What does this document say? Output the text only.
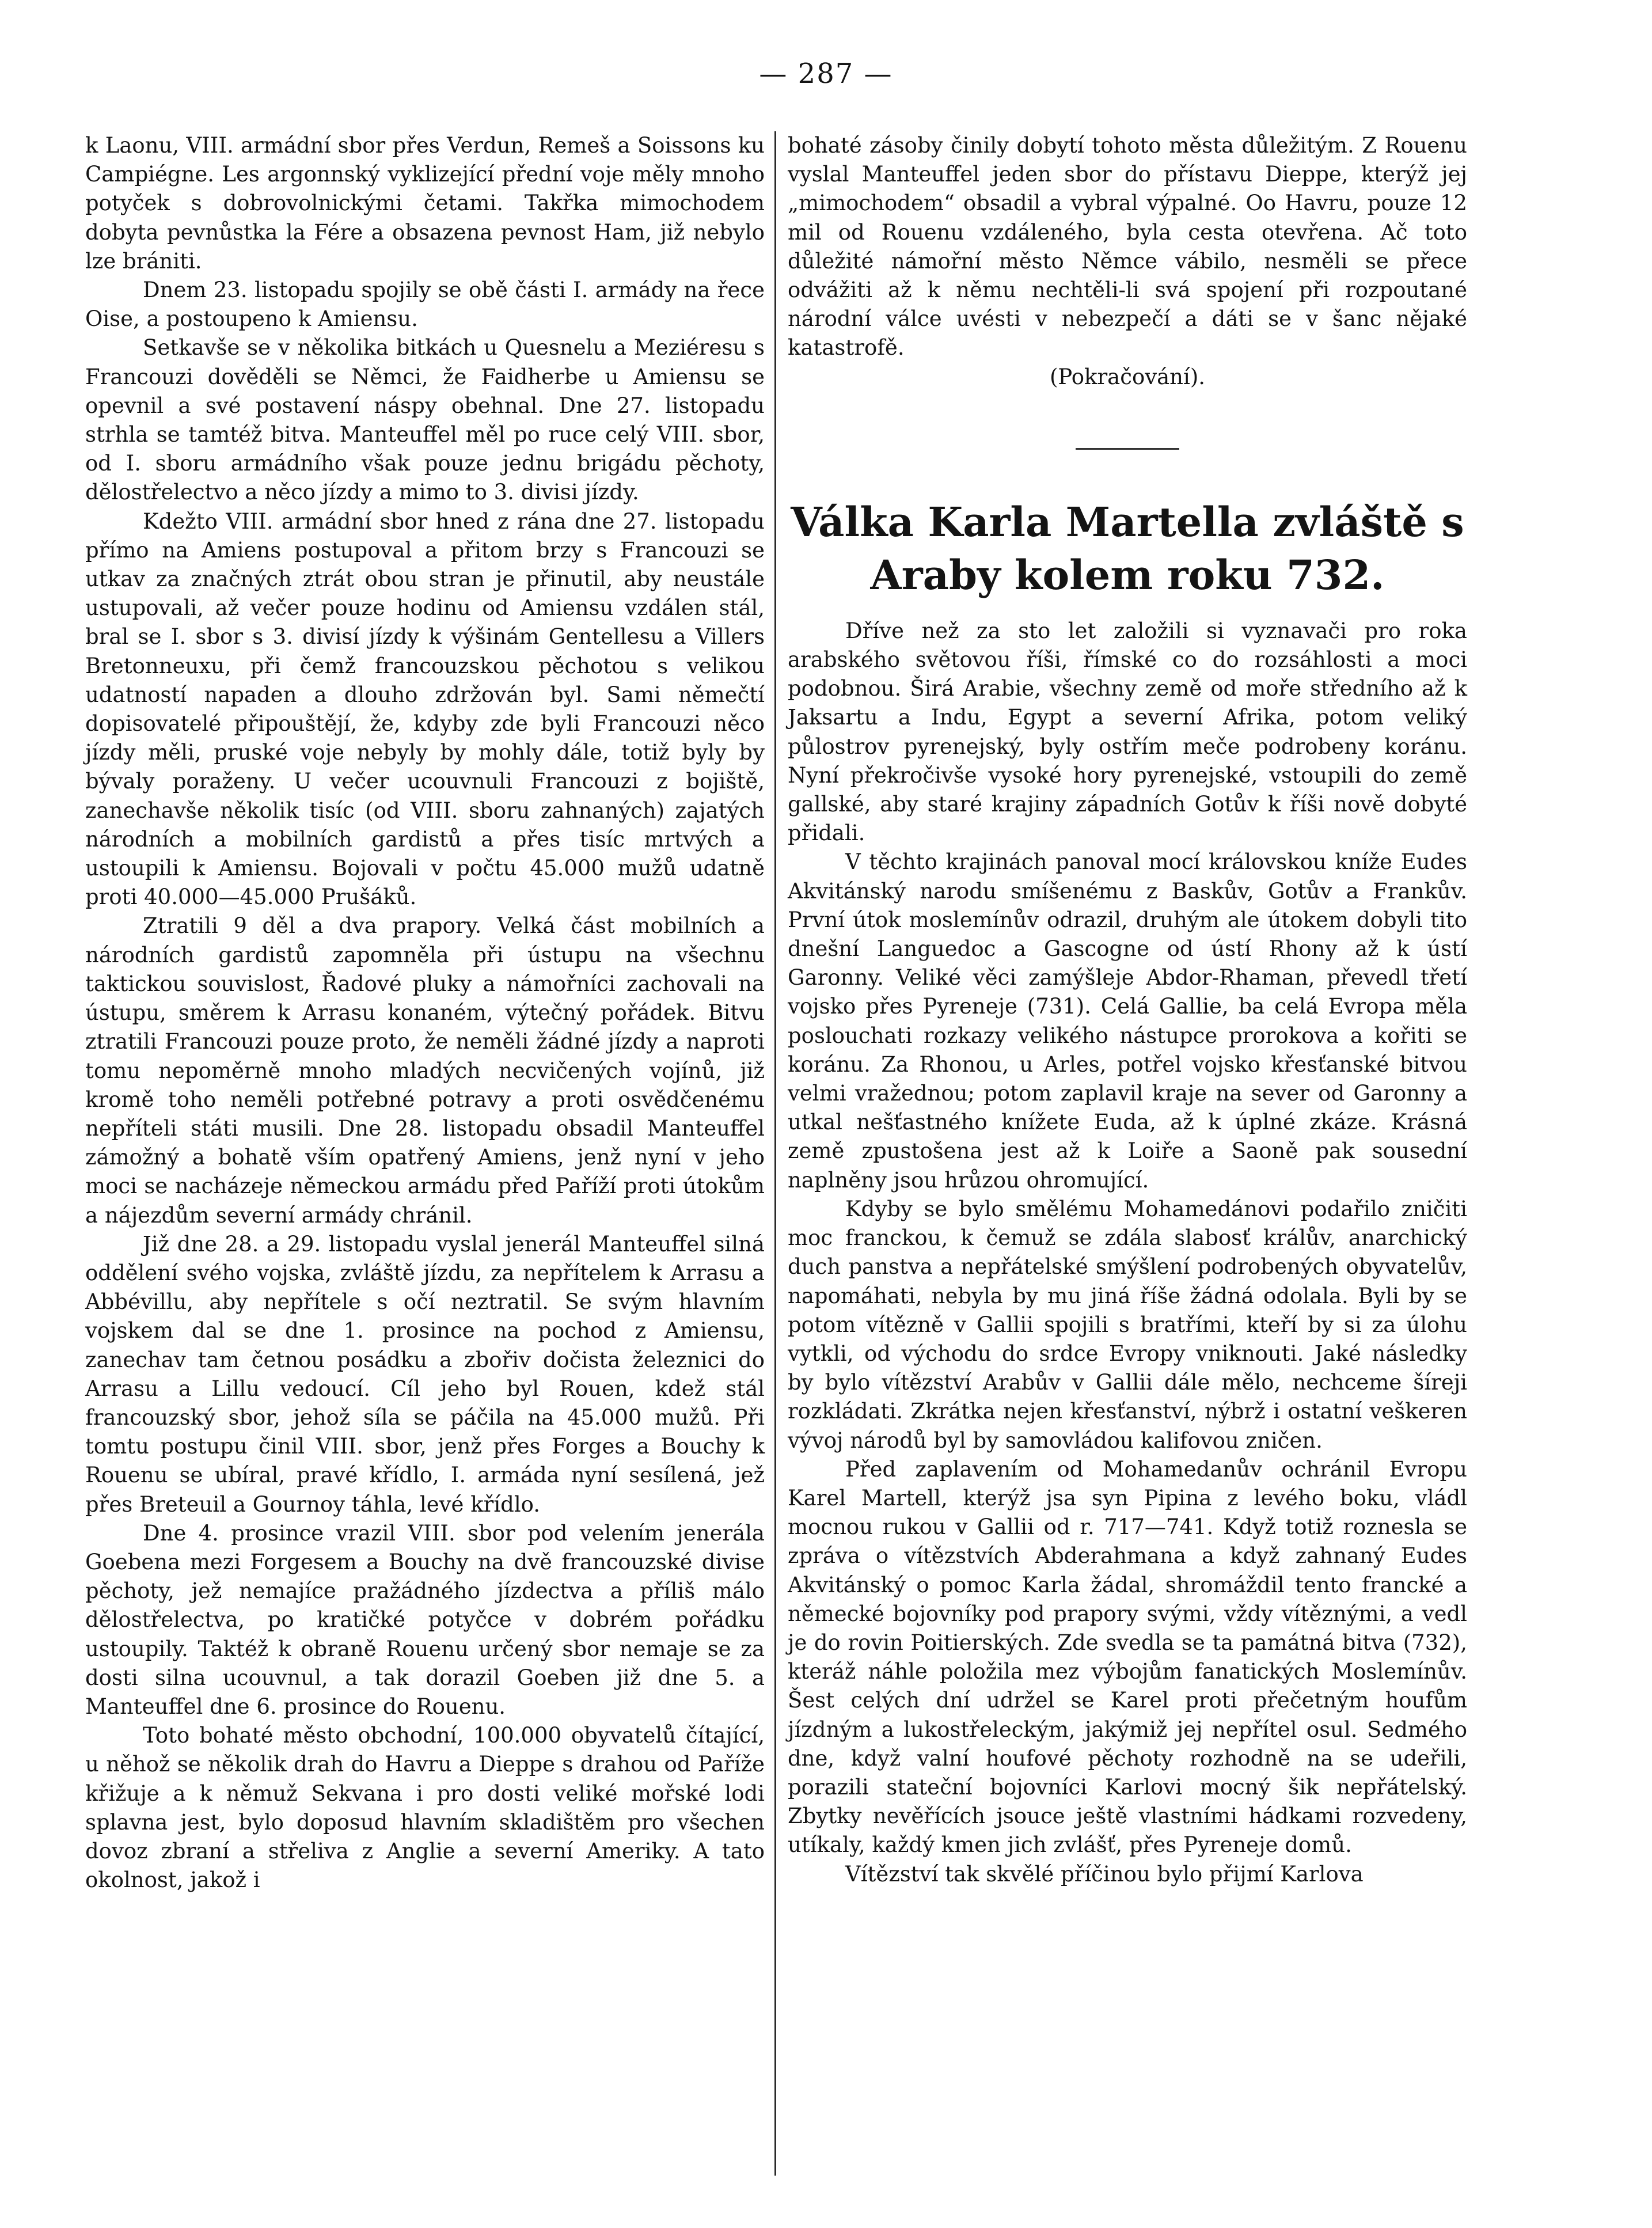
— 287 —

k Laonu, VIII. armádní sbor přes Verdun, Remeš a Soissons ku Campiégne. Les argonnský vyklizející přední voje měly mnoho potyček s dobrovolnickými četami. Takřka mimochodem dobyta pevnůstka la Fére a obsazena pevnost Ham, již nebylo lze brániti.

Dnem 23. listopadu spojily se obě části I. armády na řece Oise, a postoupeno k Amiensu.

Setkavše se v několika bitkách u Quesnelu a Meziéresu s Francouzi dověděli se Němci, že Faidherbe u Amiensu se opevnil a své postavení náspy obehnal. Dne 27. listopadu strhla se tamtéž bitva. Manteuffel měl po ruce celý VIII. sbor, od I. sboru armádního však pouze jednu brigádu pěchoty, dělostřelectvo a něco jízdy a mimo to 3. divisi jízdy.

Kdežto VIII. armádní sbor hned z rána dne 27. listopadu přímo na Amiens postupoval a přitom brzy s Francouzi se utkav za značných ztrát obou stran je přinutil, aby neustále ustupovali, až večer pouze hodinu od Amiensu vzdálen stál, bral se I. sbor s 3. divisí jízdy k výšinám Gentellesu a Villers Bretonneuxu, při čemž francouzskou pěchotou s velikou udatností napaden a dlouho zdržován byl. Sami němečtí dopisovatelé připouštějí, že, kdyby zde byli Francouzi něco jízdy měli, pruské voje nebyly by mohly dále, totiž byly by bývaly poraženy. U večer ucouvnuli Francouzi z bojiště, zanechavše několik tisíc (od VIII. sboru zahnaných) zajatých národních a mobilních gardistů a přes tisíc mrtvých a ustoupili k Amiensu. Bojovali v počtu 45.000 mužů udatně proti 40.000—45.000 Prušáků.

Ztratili 9 děl a dva prapory. Velká část mobilních a národních gardistů zapomněla při ústupu na všechnu taktickou souvislost, Řadové pluky a námořníci zachovali na ústupu, směrem k Arrasu konaném, výtečný pořádek. Bitvu ztratili Francouzi pouze proto, že neměli žádné jízdy a naproti tomu nepoměrně mnoho mladých necvičených vojínů, již kromě toho neměli potřebné potravy a proti osvědčenému nepříteli státi musili. Dne 28. listopadu obsadil Manteuffel zámožný a bohatě vším opatřený Amiens, jenž nyní v jeho moci se nacházeje německou armádu před Paříží proti útokům a nájezdům severní armády chránil.

Již dne 28. a 29. listopadu vyslal jenerál Manteuffel silná oddělení svého vojska, zvláště jízdu, za nepřítelem k Arrasu a Abbévillu, aby nepřítele s očí neztratil. Se svým hlavním vojskem dal se dne 1. prosince na pochod z Amiensu, zanechav tam četnou posádku a zbořiv dočista železnici do Arrasu a Lillu vedoucí. Cíl jeho byl Rouen, kdež stál francouzský sbor, jehož síla se páčila na 45.000 mužů. Při tomtu postupu činil VIII. sbor, jenž přes Forges a Bouchy k Rouenu se ubíral, pravé křídlo, I. armáda nyní sesílená, jež přes Breteuil a Gournoy táhla, levé křídlo.

Dne 4. prosince vrazil VIII. sbor pod velením jenerála Goebena mezi Forgesem a Bouchy na dvě francouzské divise pěchoty, jež nemajíce pražádného jízdectva a příliš málo dělostřelectva, po kratičké potyčce v dobrém pořádku ustoupily. Taktéž k obraně Rouenu určený sbor nemaje se za dosti silna ucouvnul, a tak dorazil Goeben již dne 5. a Manteuffel dne 6. prosince do Rouenu.

Toto bohaté město obchodní, 100.000 obyvatelů čítající, u něhož se několik drah do Havru a Dieppe s drahou od Paříže křižuje a k němuž Sekvana i pro dosti veliké mořské lodi splavna jest, bylo doposud hlavním skladištěm pro všechen dovoz zbraní a střeliva z Anglie a severní Ameriky. A tato okolnost, jakož i

bohaté zásoby činily dobytí tohoto města důležitým. Z Rouenu vyslal Manteuffel jeden sbor do přístavu Dieppe, kterýž jej „mimochodem“ obsadil a vybral výpalné. Oo Havru, pouze 12 mil od Rouenu vzdáleného, byla cesta otevřena. Ač toto důležité námořní město Němce vábilo, nesměli se přece odvážiti až k němu nechtěli-li svá spojení při rozpoutané národní válce uvésti v nebezpečí a dáti se v šanc nějaké katastrofě.

(Pokračování).

Válka Karla Martella zvláště s
Araby kolem roku 732.

Dříve než za sto let založili si vyznavači pro roka arabského světovou říši, římské co do rozsáhlosti a moci podobnou. Širá Arabie, všechny země od moře středního až k Jaksartu a Indu, Egypt a severní Afrika, potom veliký půlostrov pyrenejský, byly ostřím meče podrobeny koránu. Nyní překročivše vysoké hory pyrenejské, vstoupili do země gallské, aby staré krajiny západních Gotův k říši nově dobyté přidali.

V těchto krajinách panoval mocí královskou kníže Eudes Akvitánský narodu smíšenému z Baskův, Gotův a Frankův. První útok moslemínův odrazil, druhým ale útokem dobyli tito dnešní Languedoc a Gascogne od ústí Rhony až k ústí Garonny. Veliké věci zamýšleje Abdor-Rhaman, převedl třetí vojsko přes Pyreneje (731). Celá Gallie, ba celá Evropa měla poslouchati rozkazy velikého nástupce prorokova a kořiti se koránu. Za Rhonou, u Arles, potřel vojsko křesťanské bitvou velmi vražednou; potom zaplavil kraje na sever od Garonny a utkal nešťastného knížete Euda, až k úplné zkáze. Krásná země zpustošena jest až k Loiře a Saoně pak sousední naplněny jsou hrůzou ohromující.

Kdyby se bylo smělému Mohamedánovi podařilo zničiti moc franckou, k čemuž se zdála slabosť králův, anarchický duch panstva a nepřátelské smýšlení podrobených obyvatelův, napomáhati, nebyla by mu jiná říše žádná odolala. Byli by se potom vítězně v Gallii spojili s bratřími, kteří by si za úlohu vytkli, od východu do srdce Evropy vniknouti. Jaké následky by bylo vítězství Arabův v Gallii dále mělo, nechceme šíreji rozkládati. Zkrátka nejen křesťanství, nýbrž i ostatní veškeren vývoj národů byl by samovládou kalifovou zničen.

Před zaplavením od Mohamedanův ochránil Evropu Karel Martell, kterýž jsa syn Pipina z levého boku, vládl mocnou rukou v Gallii od r. 717—741. Když totiž roznesla se zpráva o vítězstvích Abderahmana a když zahnaný Eudes Akvitánský o pomoc Karla žádal, shromáždil tento francké a německé bojovníky pod prapory svými, vždy vítěznými, a vedl je do rovin Poitierských. Zde svedla se ta památná bitva (732), kteráž náhle položila mez výbojům fanatických Moslemínův. Šest celých dní udržel se Karel proti přečetným houfům jízdným a lukostřeleckým, jakýmiž jej nepřítel osul. Sedmého dne, když valní houfové pěchoty rozhodně na se udeřili, porazili stateční bojovníci Karlovi mocný šik nepřátelský. Zbytky nevěřících jsouce ještě vlastními hádkami rozvedeny, utíkaly, každý kmen jich zvlášť, přes Pyreneje domů.

Vítězství tak skvělé příčinou bylo přijmí Karlova
